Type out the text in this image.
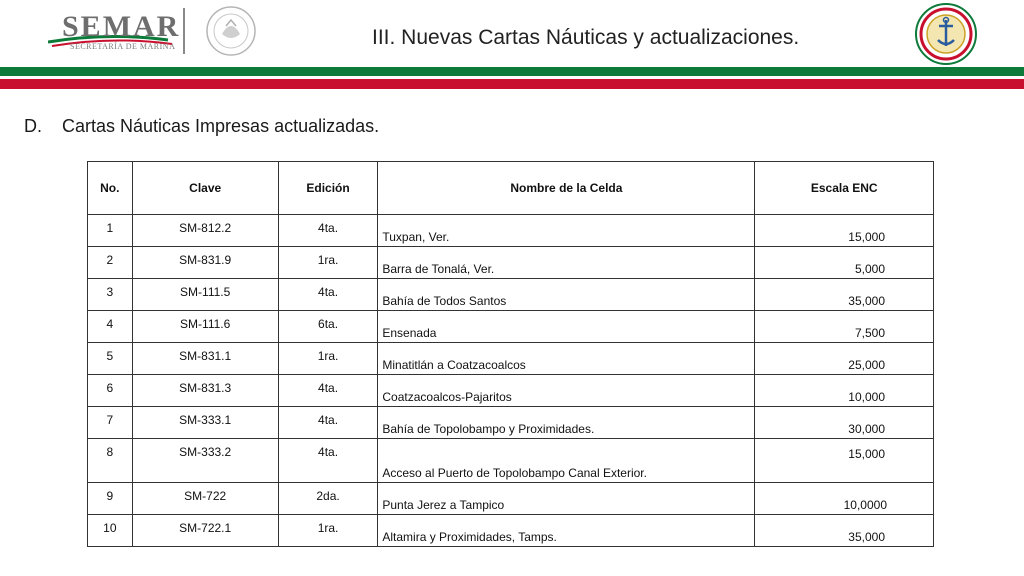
SEMAR
SECRETARÍA DE MARINA	III. Nuevas Cartas Náuticas y actualizaciones.
D. Cartas Náuticas Impresas actualizadas.
No.	Clave	Edición	Nombre de la Celda	Escala ENC
1	SM-812.2	4ta.	Tuxpan, Ver.	15,000
2	SM-831.9	1ra.	Barra de Tonalá, Ver.	5,000
3	SM-111.5	4ta.	Bahía de Todos Santos	35,000
4	SM-111.6	6ta.	Ensenada	7,500
5	SM-831.1	1ra.	Minatitlán a Coatzacoalcos	25,000
6	SM-831.3	4ta.	Coatzacoalcos-Pajaritos	10,000
7	SM-333.1	4ta.	Bahía de Topolobampo y Proximidades.	30,000
8	SM-333.2	4ta.	Acceso al Puerto de Topolobampo Canal Exterior.	15,000
9	SM-722	2da.	Punta Jerez a Tampico	10,0000
10	SM-722.1	1ra.	Altamira y Proximidades, Tamps.	35,000
